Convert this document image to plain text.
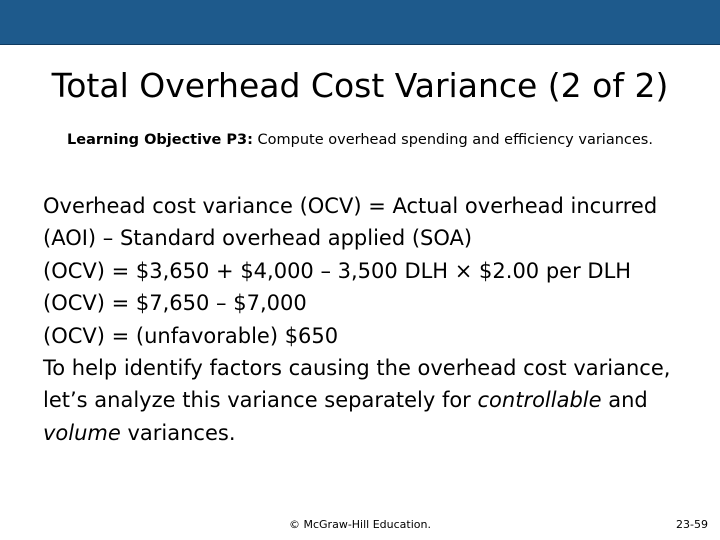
Total Overhead Cost Variance (2 of 2)
Learning Objective P3: Compute overhead spending and efficiency variances.

Overhead cost variance (OCV) = Actual overhead incurred (AOI) – Standard overhead applied (SOA)

(OCV) = $3,650 + $4,000 – 3,500 DLH × $2.00 per DLH

(OCV) = $7,650 – $7,000

(OCV) = (unfavorable) $650

To help identify factors causing the overhead cost variance, let’s analyze this variance separately for controllable and volume variances.

© McGraw-Hill Education.	23-59
